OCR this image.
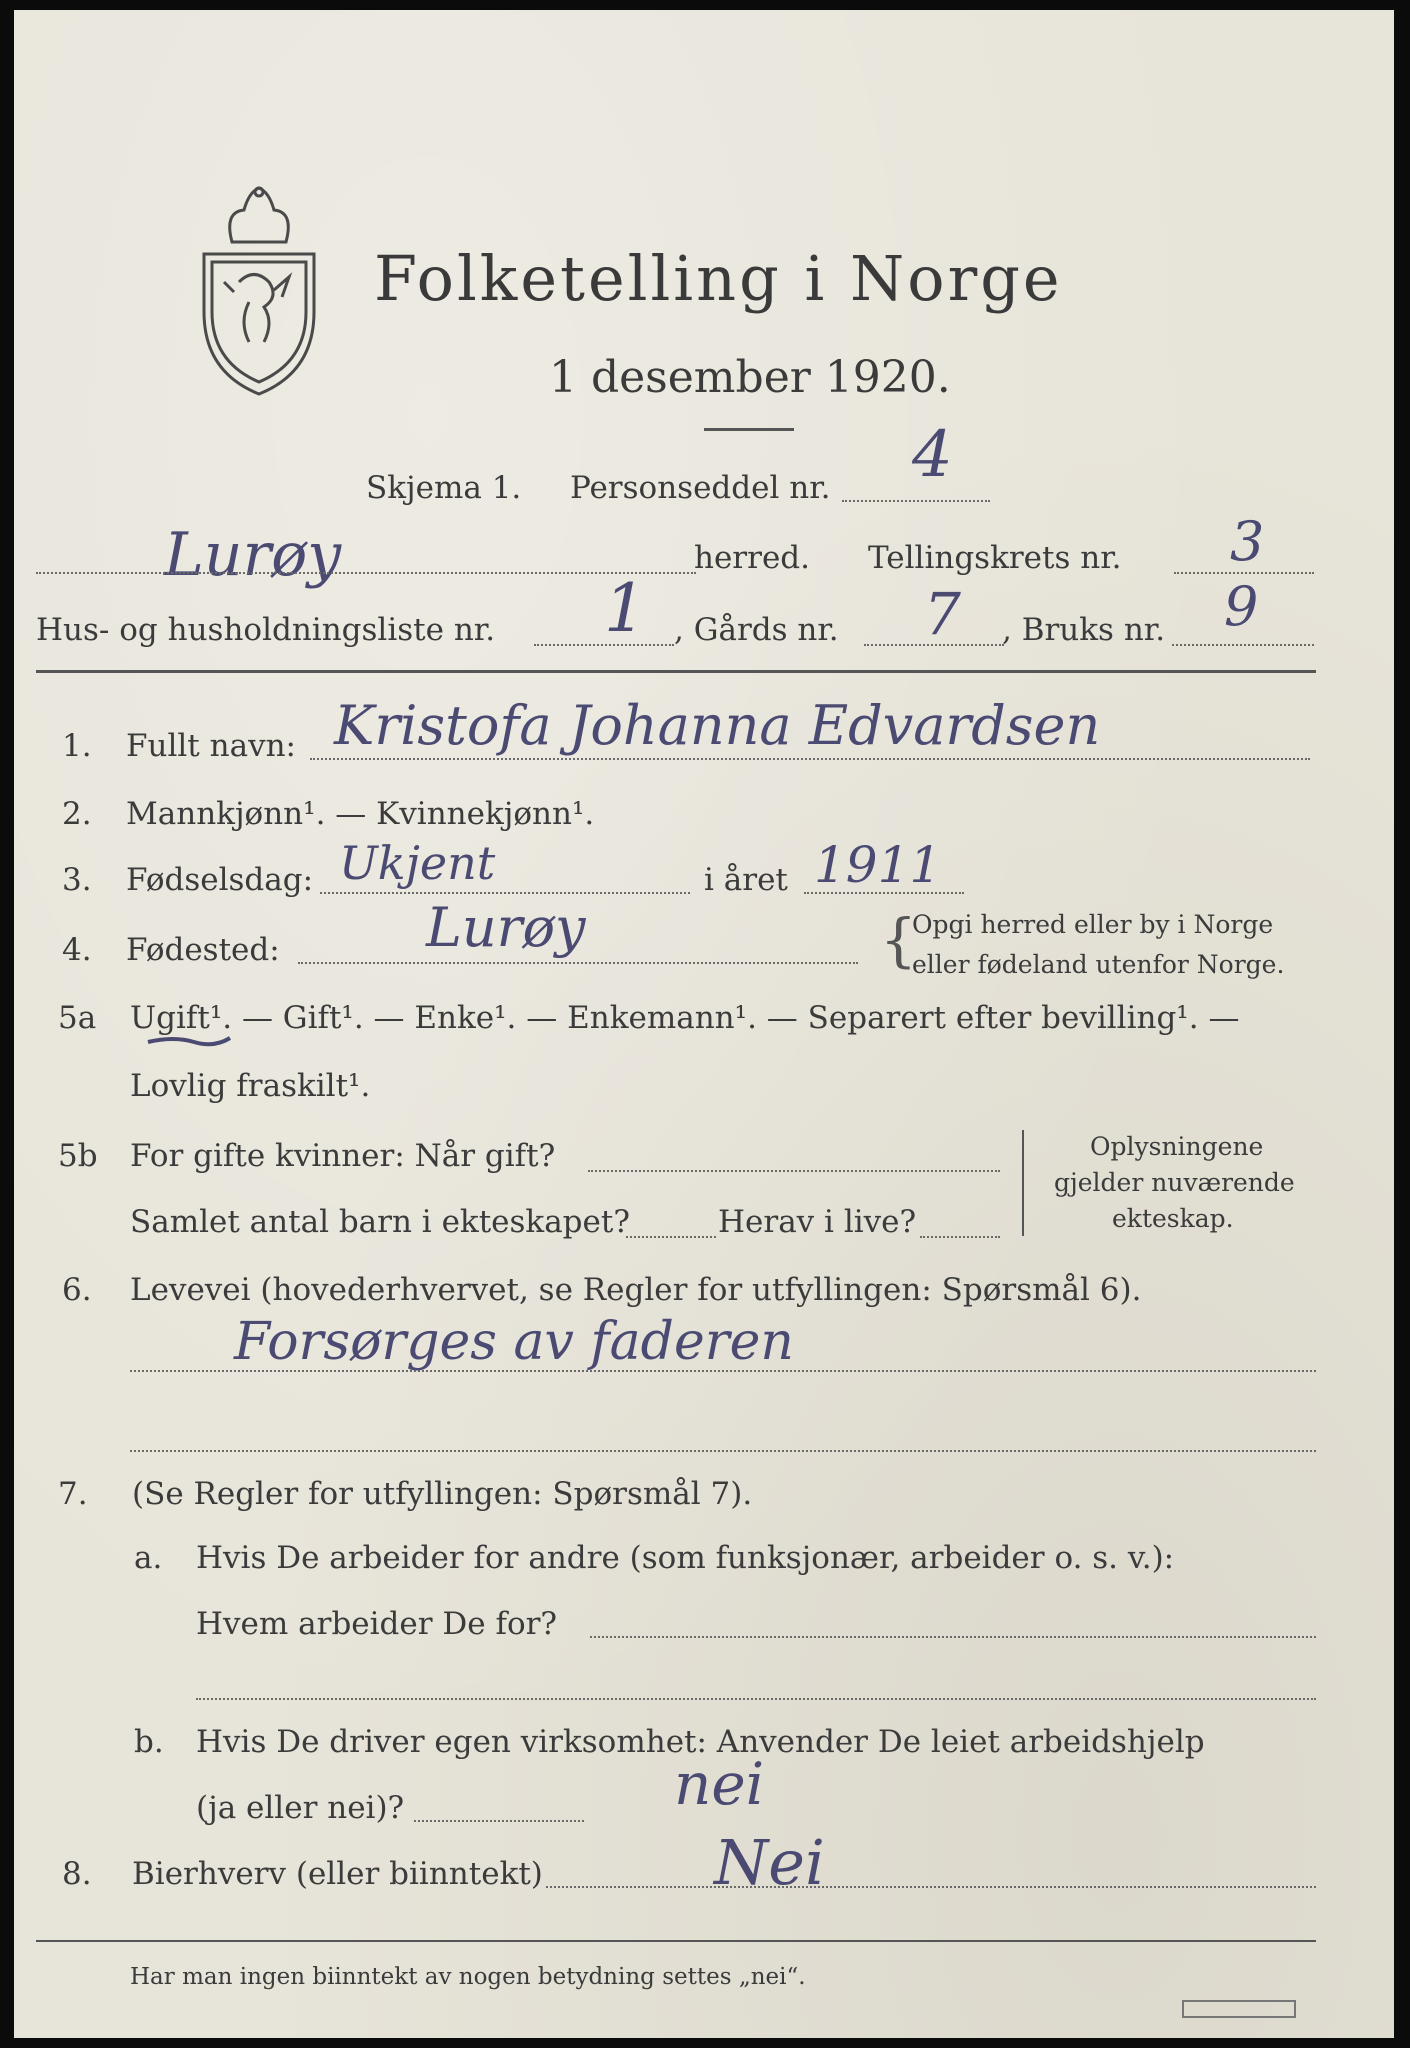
Folketelling i Norge
1 desember 1920.
Skjema 1. Personseddel nr. 4
Lurøy	herred. Tellingskrets nr. 3
Hus- og husholdningsliste nr. 1 , Gårds nr. 7 , Bruks nr. 9
1. Fullt navn: Kristofa Johanna Edvardsen
2. Mannkjønn¹. — Kvinnekjønn¹.
3. Fødselsdag: Ukjent	i året 1911
4. Fødested:	Lurøy	{
Opgi herred eller by i Norge
eller fødeland utenfor Norge.
5a Ugift¹. — Gift¹. — Enke¹. — Enkemann¹. — Separert efter bevilling¹. —
Lovlig fraskilt¹.
5b For gifte kvinner: Når gift?
Samlet antal barn i ekteskapet?	Herav i live?
Oplysningene
gjelder nuværende
ekteskap.
6. Levevei (hovederhvervet, se Regler for utfyllingen: Spørsmål 6).
Forsørges av faderen
7. (Se Regler for utfyllingen: Spørsmål 7).
a. Hvis De arbeider for andre (som funksjonær, arbeider o. s. v.):
Hvem arbeider De for?
b. Hvis De driver egen virksomhet: Anvender De leiet arbeidshjelp
(ja eller nei)?	nei
8. Bierhverv (eller biinntekt)	Nei
Har man ingen biinntekt av nogen betydning settes „nei“.
